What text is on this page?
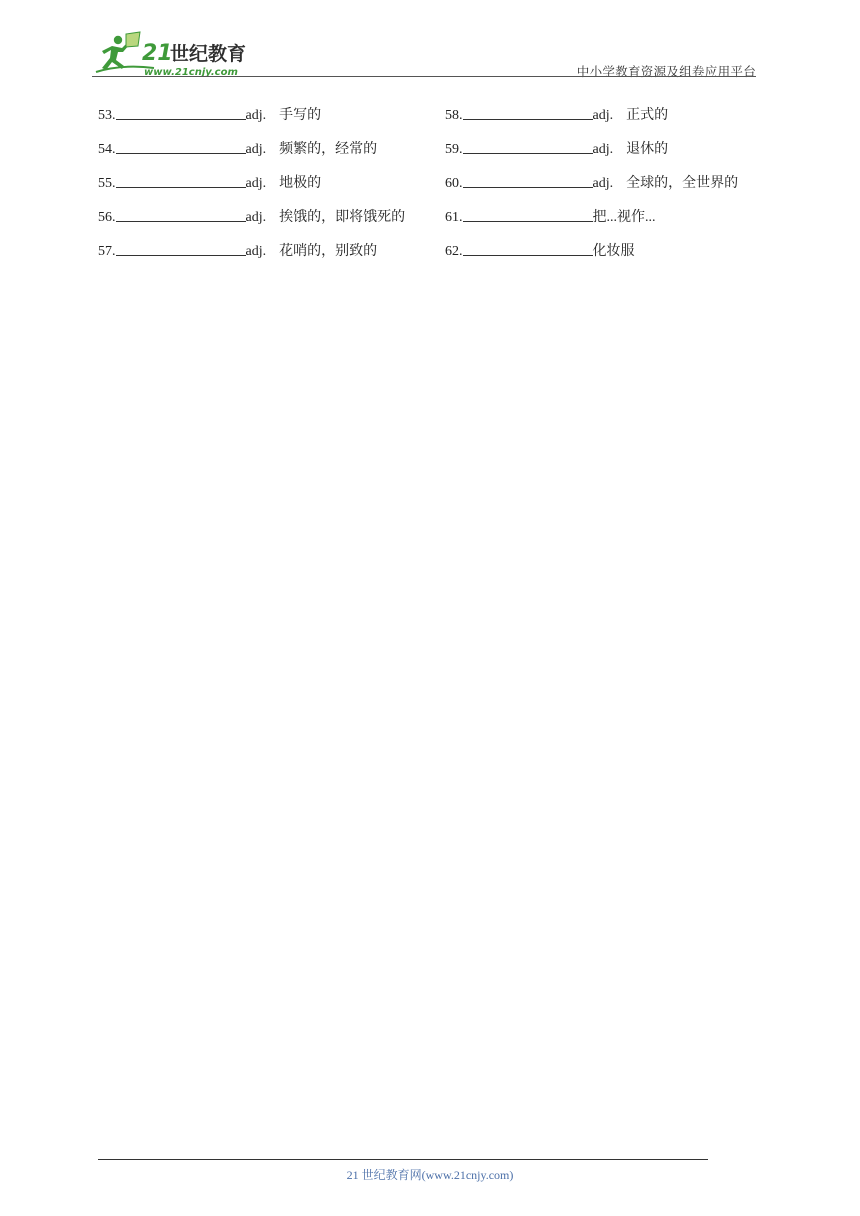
21
世纪教育
www.21cnjy.com	中小学教育资源及组卷应用平台
53.	adj. 手写的	58.	adj. 正式的
54.	adj. 频繁的，经常的	59.	adj. 退休的
55.	adj. 地极的	60.	adj. 全球的，全世界的
56.	adj. 挨饿的，即将饿死的	61.	把...视作...
57.	adj. 花哨的，别致的	62.	化妆服
21 世纪教育网(www.21cnjy.com)
